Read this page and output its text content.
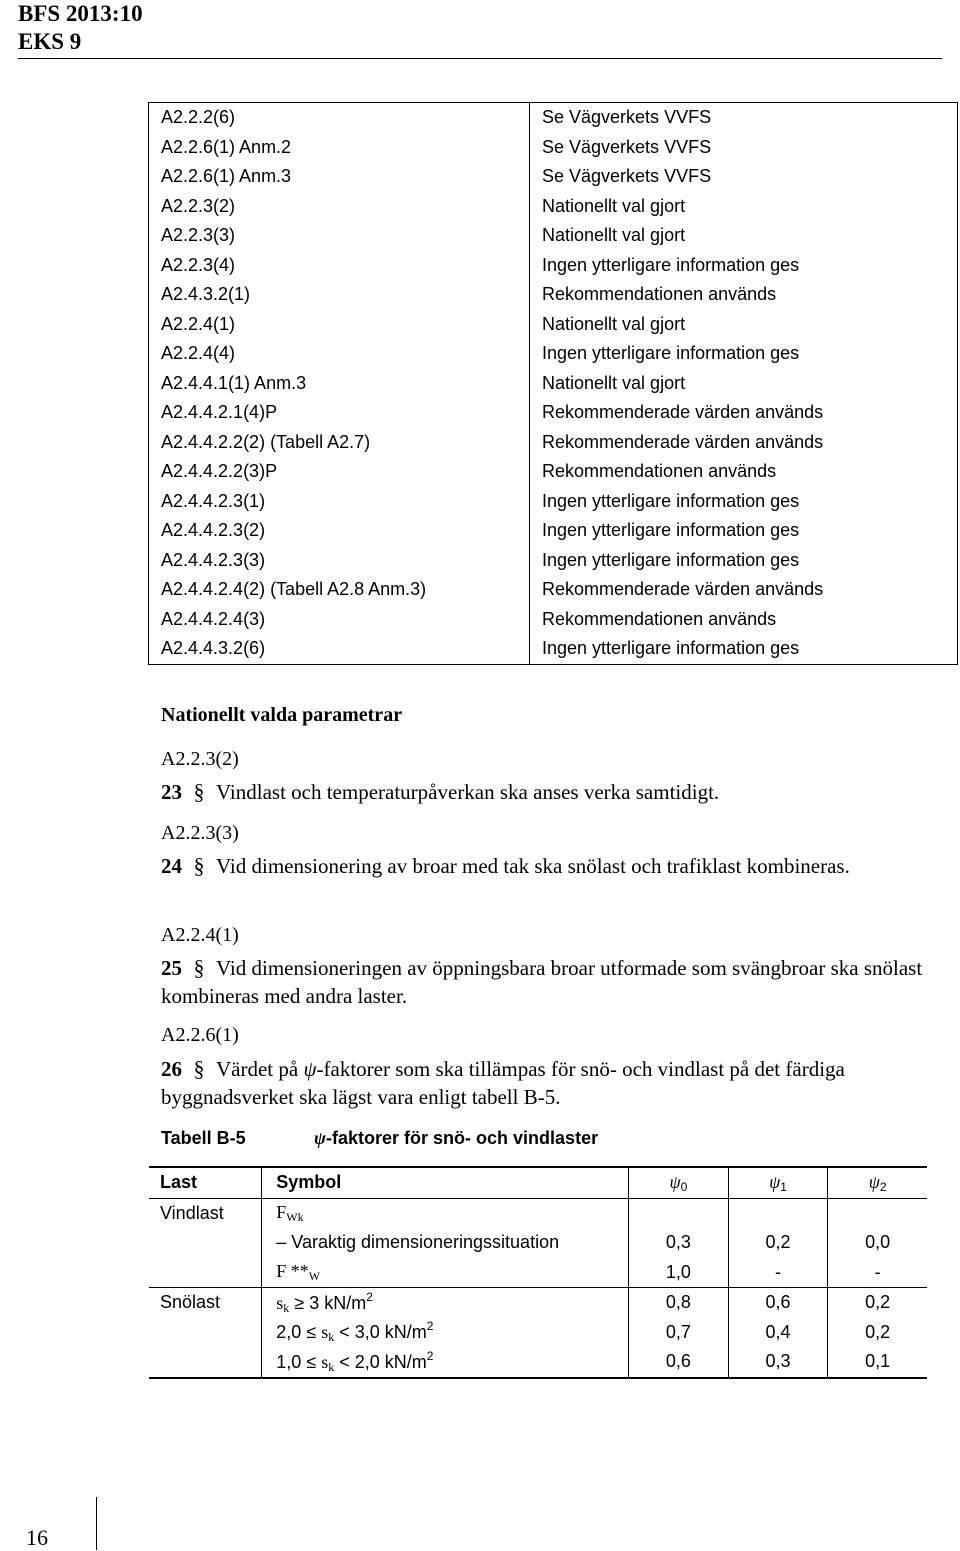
BFS 2013:10
EKS 9
A2.2.2(6)	Se Vägverkets VVFS
A2.2.6(1) Anm.2	Se Vägverkets VVFS
A2.2.6(1) Anm.3	Se Vägverkets VVFS
A2.2.3(2)	Nationellt val gjort
A2.2.3(3)	Nationellt val gjort
A2.2.3(4)	Ingen ytterligare information ges
A2.4.3.2(1)	Rekommendationen används
A2.2.4(1)	Nationellt val gjort
A2.2.4(4)	Ingen ytterligare information ges
A2.4.4.1(1) Anm.3	Nationellt val gjort
A2.4.4.2.1(4)P	Rekommenderade värden används
A2.4.4.2.2(2) (Tabell A2.7)	Rekommenderade värden används
A2.4.4.2.2(3)P	Rekommendationen används
A2.4.4.2.3(1)	Ingen ytterligare information ges
A2.4.4.2.3(2)	Ingen ytterligare information ges
A2.4.4.2.3(3)	Ingen ytterligare information ges
A2.4.4.2.4(2) (Tabell A2.8 Anm.3)	Rekommenderade värden används
A2.4.4.2.4(3)	Rekommendationen används
A2.4.4.3.2(6)	Ingen ytterligare information ges
Nationellt valda parametrar
A2.2.3(2)
23 § Vindlast och temperaturpåverkan ska anses verka samtidigt.
A2.2.3(3)
24 § Vid dimensionering av broar med tak ska snölast och trafiklast kombineras.
A2.2.4(1)
25 § Vid dimensioneringen av öppningsbara broar utformade som svängbroar ska snölast kombineras med andra laster.
A2.2.6(1)
26 § Värdet på ψ-faktorer som ska tillämpas för snö- och vindlast på det färdiga byggnadsverket ska lägst vara enligt tabell B-5.
Tabell B-5	ψ-faktorer för snö- och vindlaster
Last	Symbol	$\psi_0$	$\psi_1$	$\psi_2$
Vindlast	$F_{Wk}$			
	– Varaktig dimensioneringssituation	0,3	0,2	0,0
	F $**_W$	1,0	-	-
Snölast	$s_k \ge 3$ $kN/m^2$	0,8	0,6	0,2
	$2,0 \le s_k < 3,0$ $kN/m^2$	0,7	0,4	0,2
	$1,0 \le s_k < 2,0$ $kN/m^2$	0,6	0,3	0,1
16
